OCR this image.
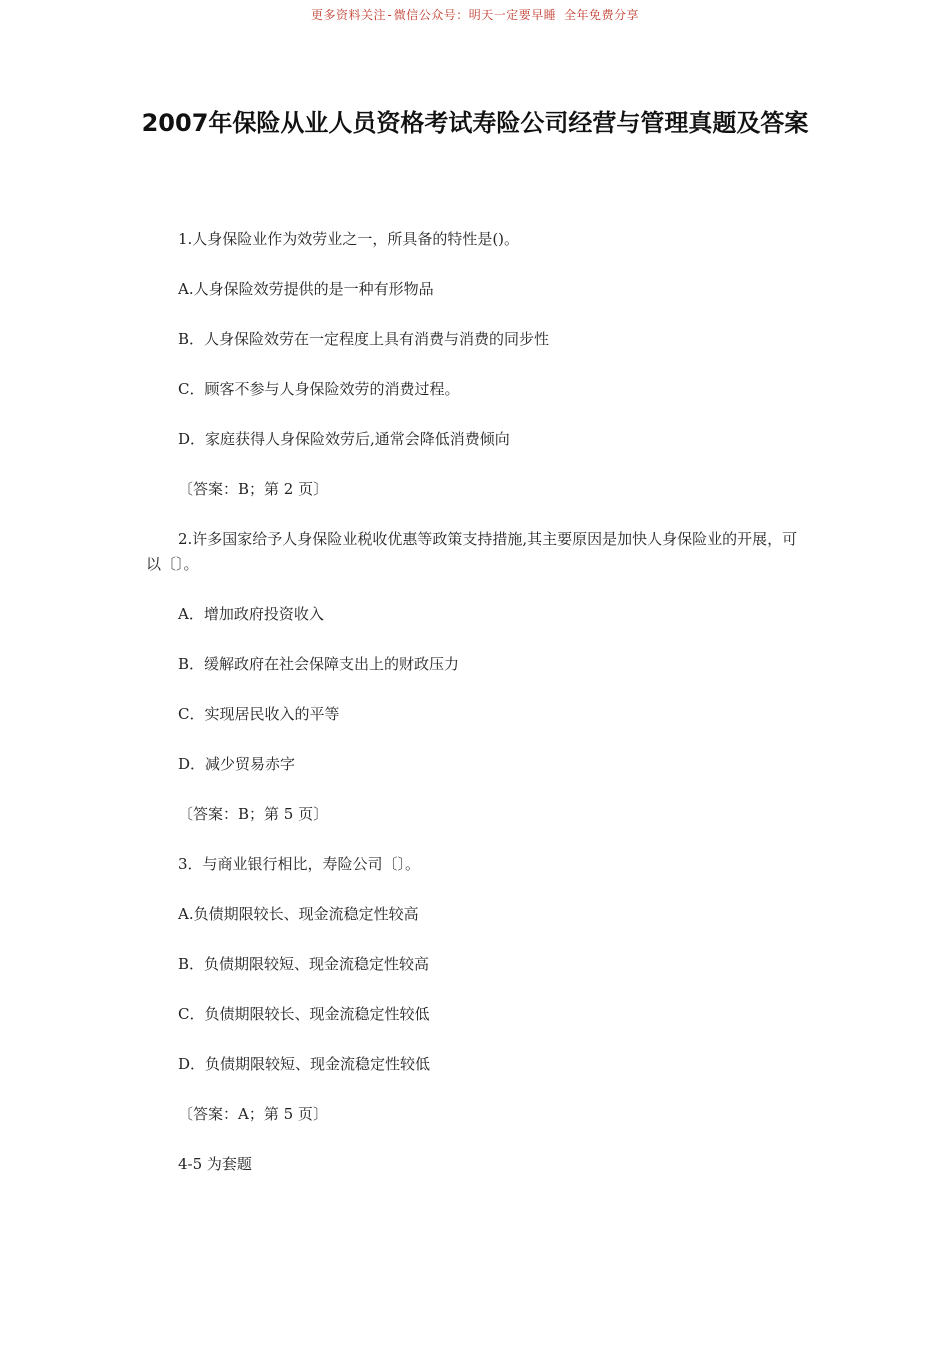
更多资料关注-微信公众号：明天一定要早睡 全年免费分享
2007年保险从业人员资格考试寿险公司经营与管理真题及答案
1.人身保险业作为效劳业之一，所具备的特性是()。
A.人身保险效劳提供的是一种有形物品
B．人身保险效劳在一定程度上具有消费与消费的同步性
C．顾客不参与人身保险效劳的消费过程。
D．家庭获得人身保险效劳后,通常会降低消费倾向
〔答案：B；第 2 页〕
2.许多国家给予人身保险业税收优惠等政策支持措施,其主要原因是加快人身保险业的开展，可以〔〕。
A．增加政府投资收入
B．缓解政府在社会保障支出上的财政压力
C．实现居民收入的平等
D．减少贸易赤字
〔答案：B；第 5 页〕
3．与商业银行相比，寿险公司〔〕。
A.负债期限较长、现金流稳定性较高
B．负债期限较短、现金流稳定性较高
C．负债期限较长、现金流稳定性较低
D．负债期限较短、现金流稳定性较低
〔答案：A；第 5 页〕
4-5 为套题
